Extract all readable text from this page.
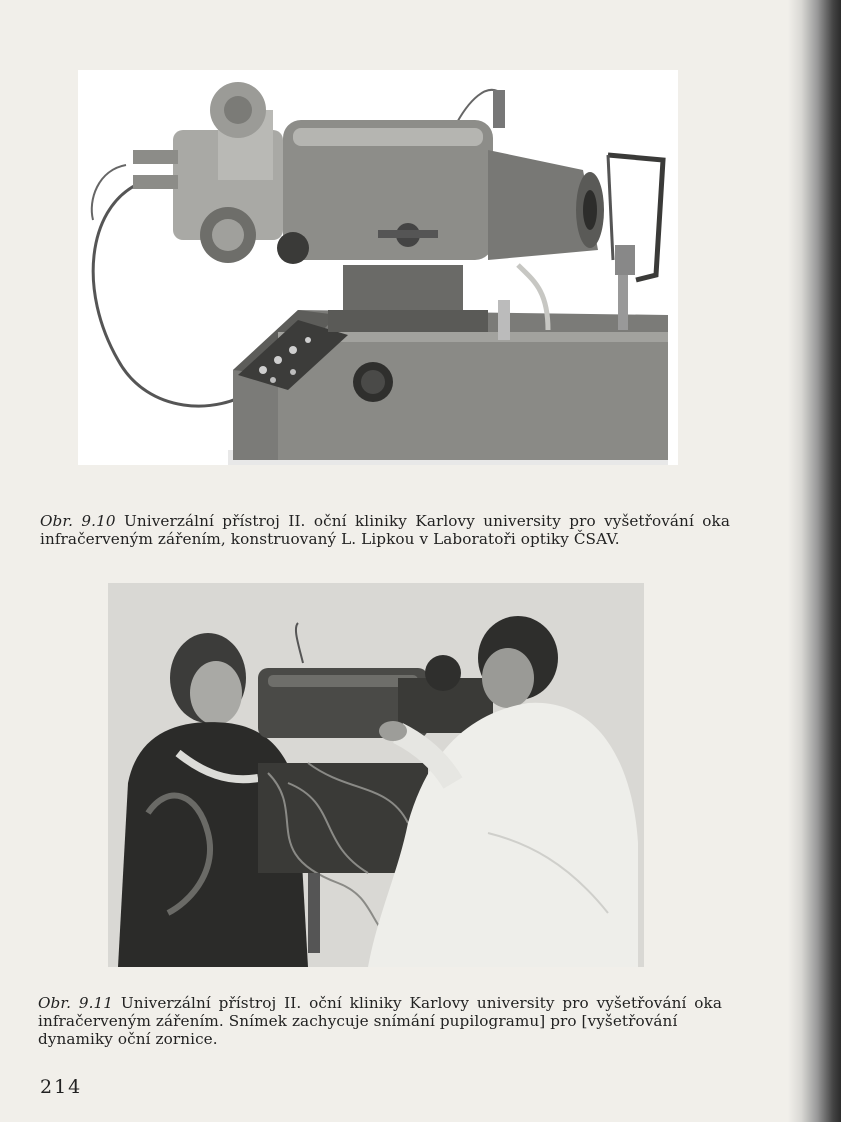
Obr. 9.10 Univerzální přístroj II. oční kliniky Karlovy university pro vyšetřování oka infračerveným zářením, konstruovaný L. Lipkou v Laboratoři optiky ČSAV.
Obr. 9.11 Univerzální přístroj II. oční kliniky Karlovy university pro vyšetřování oka infračerveným zářením. Snímek zachycuje snímání pupilogramu] pro [vyšetřování
dynamiky oční zornice.
214
